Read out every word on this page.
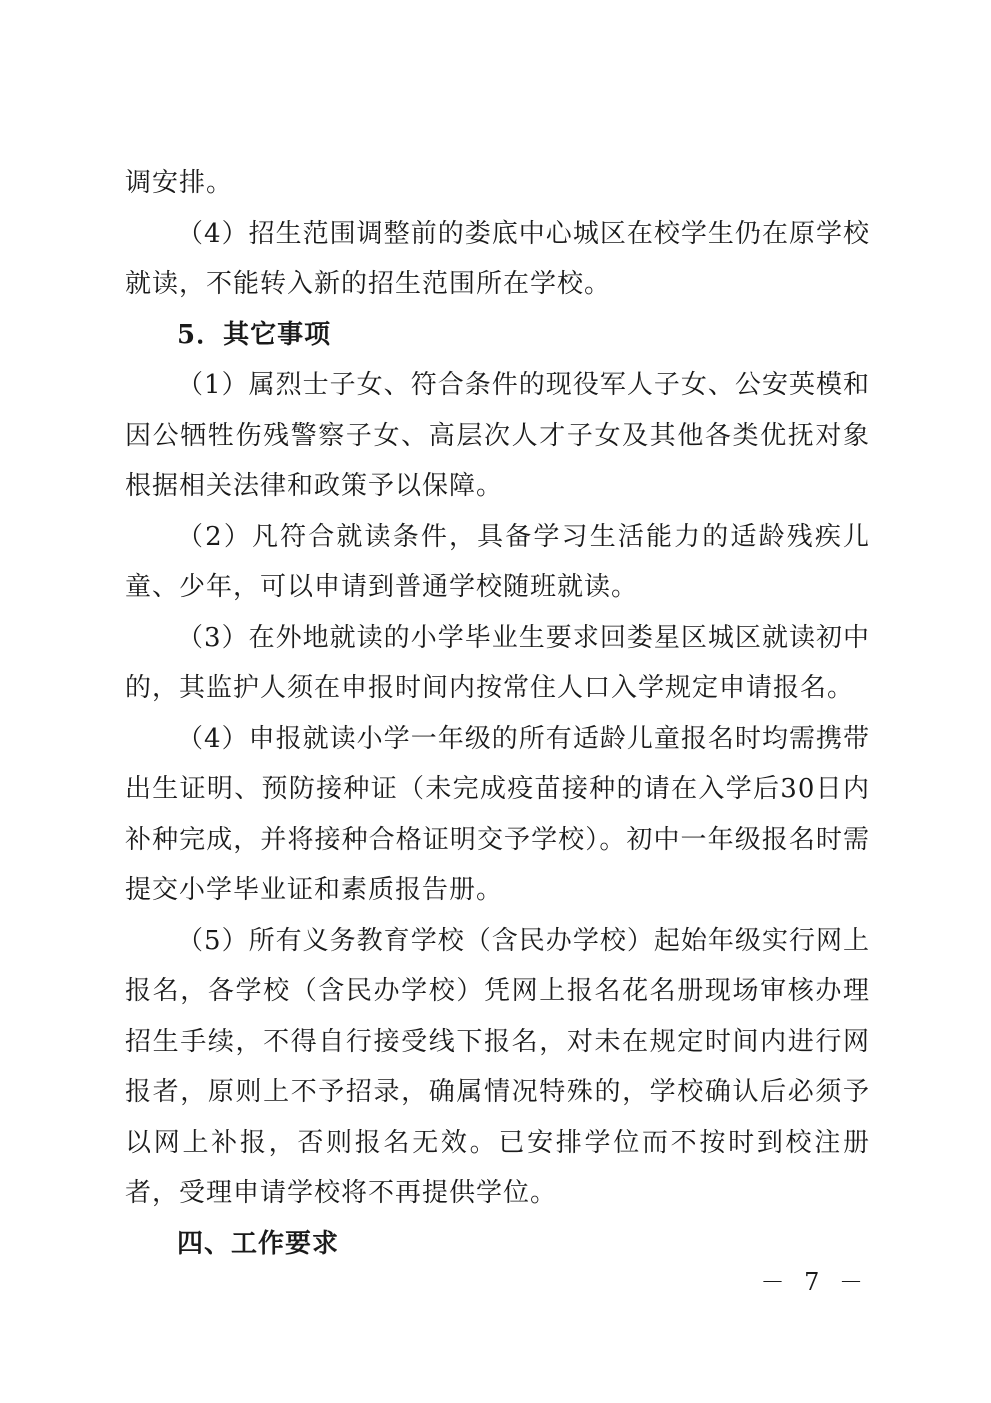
调安排。

（4）招生范围调整前的娄底中心城区在校学生仍在原学校就读，不能转入新的招生范围所在学校。

5．其它事项

（1）属烈士子女、符合条件的现役军人子女、公安英模和因公牺牲伤残警察子女、高层次人才子女及其他各类优抚对象根据相关法律和政策予以保障。

（2）凡符合就读条件，具备学习生活能力的适龄残疾儿童、少年，可以申请到普通学校随班就读。

（3）在外地就读的小学毕业生要求回娄星区城区就读初中的，其监护人须在申报时间内按常住人口入学规定申请报名。

（4）申报就读小学一年级的所有适龄儿童报名时均需携带出生证明、预防接种证（未完成疫苗接种的请在入学后30日内补种完成，并将接种合格证明交予学校）。初中一年级报名时需提交小学毕业证和素质报告册。

（5）所有义务教育学校（含民办学校）起始年级实行网上报名，各学校（含民办学校）凭网上报名花名册现场审核办理招生手续，不得自行接受线下报名，对未在规定时间内进行网报者，原则上不予招录，确属情况特殊的，学校确认后必须予以网上补报，否则报名无效。已安排学位而不按时到校注册者，受理申请学校将不再提供学位。

四、工作要求

－ 7 －
